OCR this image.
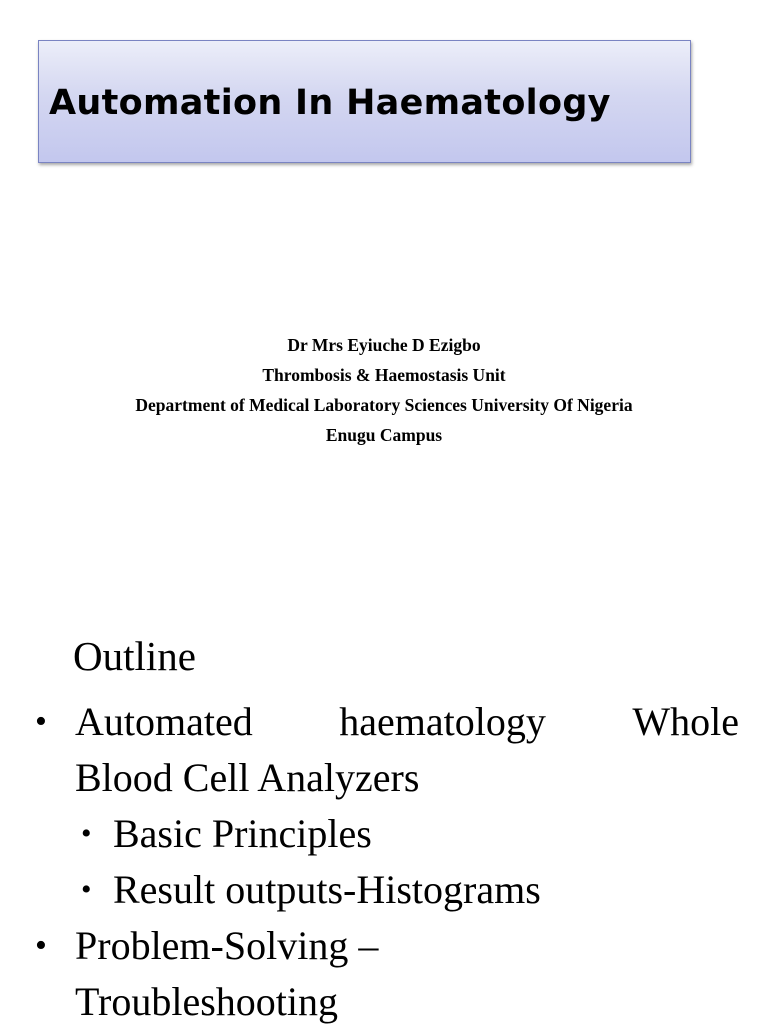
Automation In Haematology
Dr Mrs Eyiuche D Ezigbo
Thrombosis & Haemostasis Unit
Department of Medical Laboratory Sciences University Of Nigeria
Enugu Campus
Outline
• Automated haematology Whole
Blood Cell Analyzers
• Basic Principles
• Result outputs-Histograms
• Problem-Solving –
Troubleshooting
